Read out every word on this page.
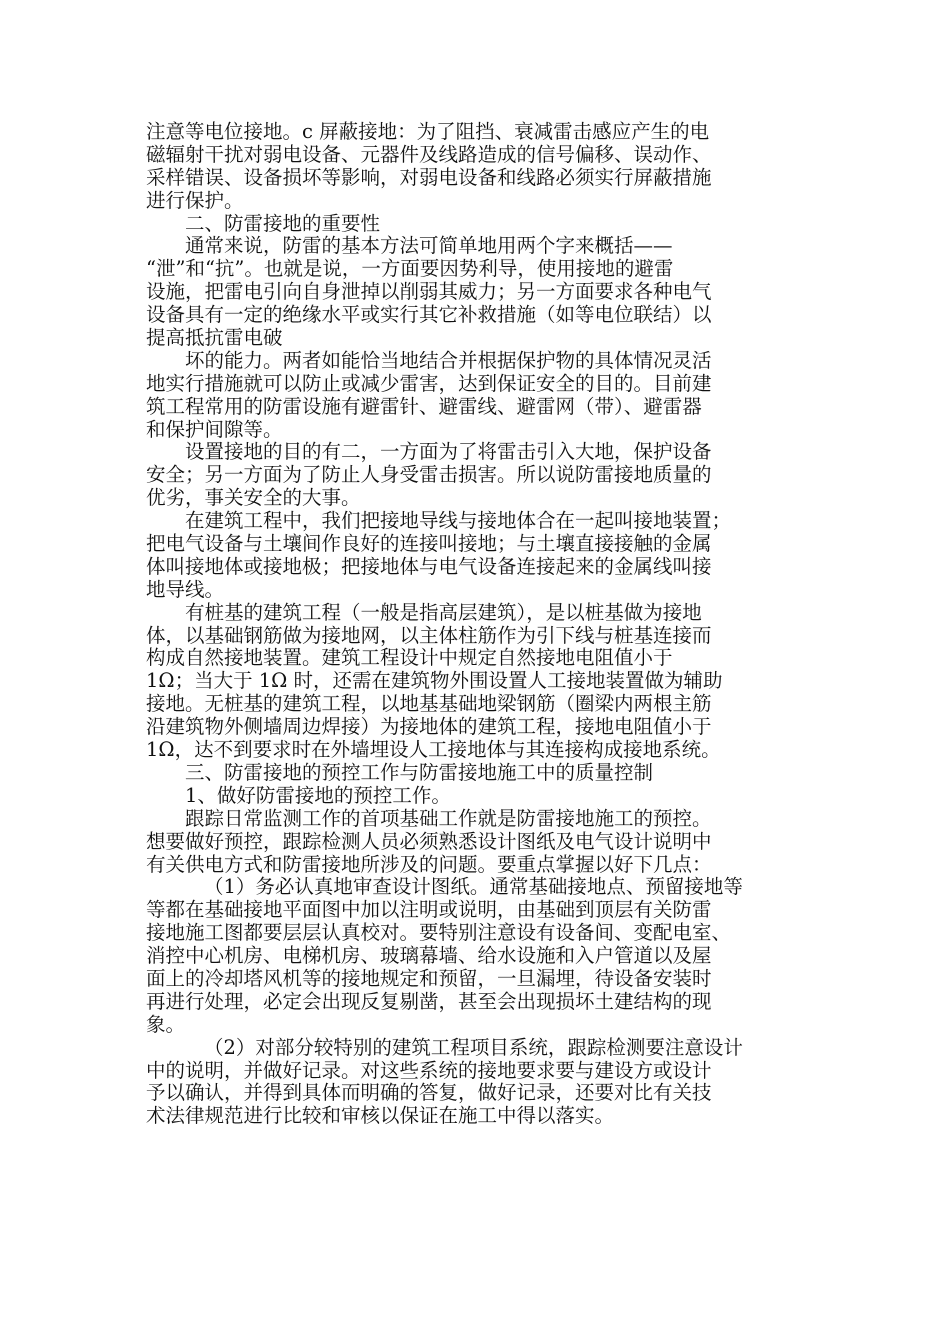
注意等电位接地。c 屏蔽接地：为了阻挡、衰减雷击感应产生的电
磁辐射干扰对弱电设备、元器件及线路造成的信号偏移、误动作、
采样错误、设备损坏等影响，对弱电设备和线路必须实行屏蔽措施
进行保护。
二、防雷接地的重要性
通常来说，防雷的基本方法可简单地用两个字来概括——
“泄”和“抗”。也就是说，一方面要因势利导，使用接地的避雷
设施，把雷电引向自身泄掉以削弱其威力；另一方面要求各种电气
设备具有一定的绝缘水平或实行其它补救措施（如等电位联结）以
提高抵抗雷电破
坏的能力。两者如能恰当地结合并根据保护物的具体情况灵活
地实行措施就可以防止或减少雷害，达到保证安全的目的。目前建
筑工程常用的防雷设施有避雷针、避雷线、避雷网（带）、避雷器
和保护间隙等。
设置接地的目的有二，一方面为了将雷击引入大地，保护设备
安全；另一方面为了防止人身受雷击损害。所以说防雷接地质量的
优劣，事关安全的大事。
在建筑工程中，我们把接地导线与接地体合在一起叫接地装置；
把电气设备与土壤间作良好的连接叫接地；与土壤直接接触的金属
体叫接地体或接地极；把接地体与电气设备连接起来的金属线叫接
地导线。
有桩基的建筑工程（一般是指高层建筑），是以桩基做为接地
体，以基础钢筋做为接地网，以主体柱筋作为引下线与桩基连接而
构成自然接地装置。建筑工程设计中规定自然接地电阻值小于
1Ω；当大于 1Ω 时，还需在建筑物外围设置人工接地装置做为辅助
接地。无桩基的建筑工程，以地基基础地梁钢筋（圈梁内两根主筋
沿建筑物外侧墙周边焊接）为接地体的建筑工程，接地电阻值小于
1Ω，达不到要求时在外墙埋设人工接地体与其连接构成接地系统。
三、防雷接地的预控工作与防雷接地施工中的质量控制
1、做好防雷接地的预控工作。
跟踪日常监测工作的首项基础工作就是防雷接地施工的预控。
想要做好预控，跟踪检测人员必须熟悉设计图纸及电气设计说明中
有关供电方式和防雷接地所涉及的问题。要重点掌握以好下几点：
（1）务必认真地审查设计图纸。通常基础接地点、预留接地等
等都在基础接地平面图中加以注明或说明，由基础到顶层有关防雷
接地施工图都要层层认真校对。要特别注意设有设备间、变配电室、
消控中心机房、电梯机房、玻璃幕墙、给水设施和入户管道以及屋
面上的冷却塔风机等的接地规定和预留，一旦漏埋，待设备安装时
再进行处理，必定会出现反复剔凿，甚至会出现损坏土建结构的现
象。
（2）对部分较特别的建筑工程项目系统，跟踪检测要注意设计
中的说明，并做好记录。对这些系统的接地要求要与建设方或设计
予以确认，并得到具体而明确的答复，做好记录，还要对比有关技
术法律规范进行比较和审核以保证在施工中得以落实。
